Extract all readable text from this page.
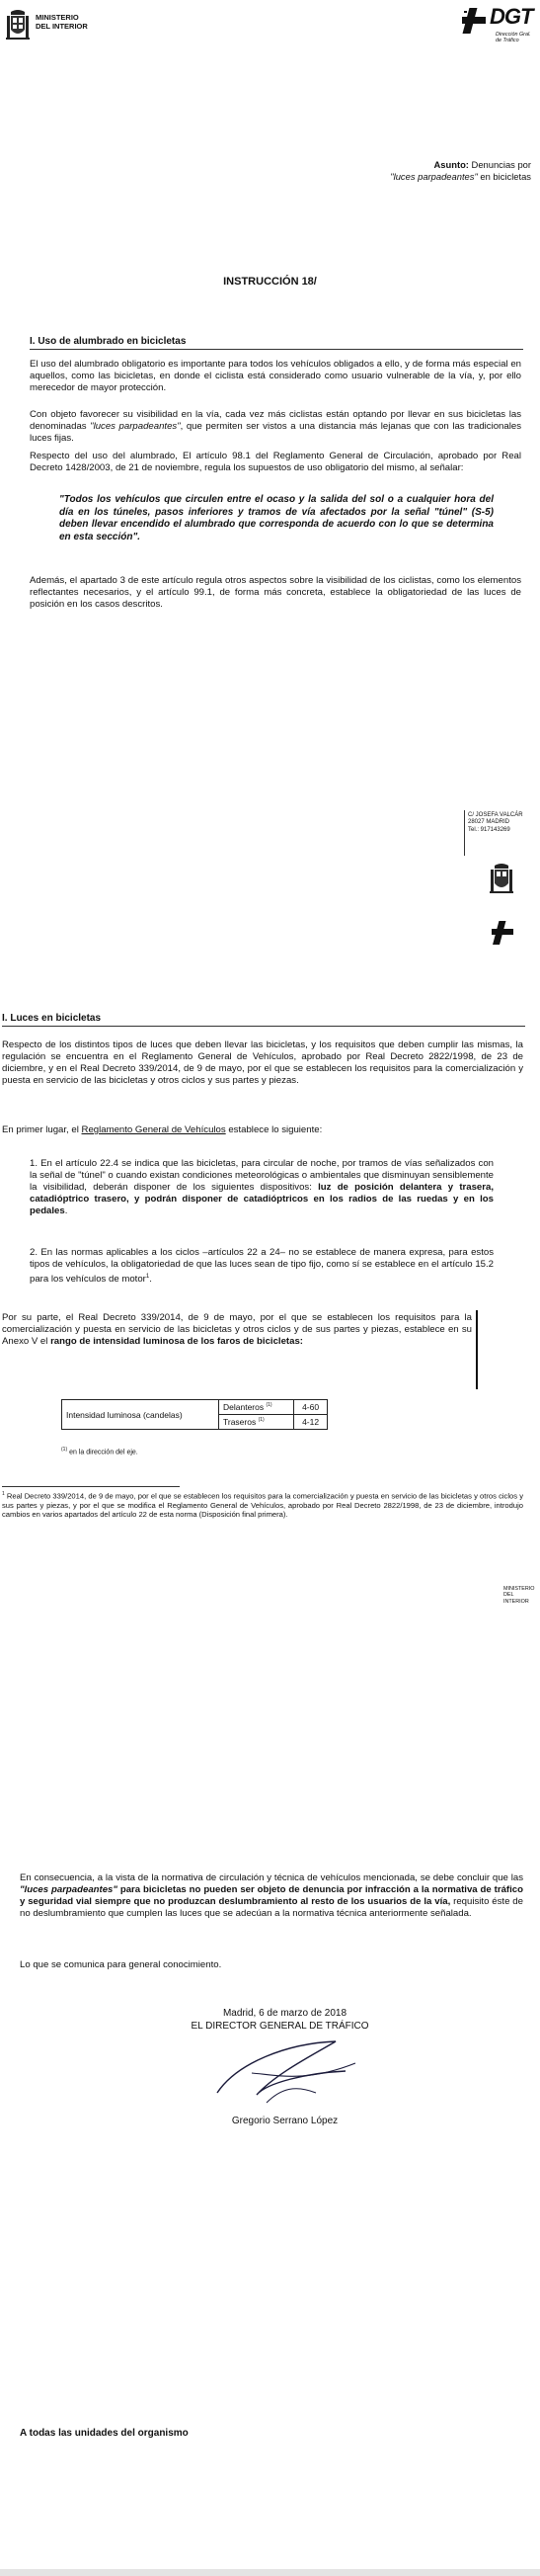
MINISTERIO
DEL INTERIOR	DGT
Dirección Gral.
de Tráfico
Asunto: Denuncias por
"luces parpadeantes" en bicicletas
INSTRUCCIÓN 18/
I. Uso de alumbrado en bicicletas
El uso del alumbrado obligatorio es importante para todos los vehículos obligados a ello, y de forma más especial en aquellos, como las bicicletas, en donde el ciclista está considerado como usuario vulnerable de la vía, y, por ello merecedor de mayor protección.
Con objeto favorecer su visibilidad en la vía, cada vez más ciclistas están optando por llevar en sus bicicletas las denominadas "luces parpadeantes", que permiten ser vistos a una distancia más lejanas que con las tradicionales luces fijas.
Respecto del uso del alumbrado, El artículo 98.1 del Reglamento General de Circulación, aprobado por Real Decreto 1428/2003, de 21 de noviembre, regula los supuestos de uso obligatorio del mismo, al señalar:
"Todos los vehículos que circulen entre el ocaso y la salida del sol o a cualquier hora del día en los túneles, pasos inferiores y tramos de vía afectados por la señal "túnel" (S-5) deben llevar encendido el alumbrado que corresponda de acuerdo con lo que se determina en esta sección".
Además, el apartado 3 de este artículo regula otros aspectos sobre la visibilidad de los ciclistas, como los elementos reflectantes necesarios, y el artículo 99.1, de forma más concreta, establece la obligatoriedad de las luces de posición en los casos descritos.
C/ JOSEFA VALCÁR
28027 MADRID
Tel.: 917143269
I. Luces en bicicletas
Respecto de los distintos tipos de luces que deben llevar las bicicletas, y los requisitos que deben cumplir las mismas, la regulación se encuentra en el Reglamento General de Vehículos, aprobado por Real Decreto 2822/1998, de 23 de diciembre, y en el Real Decreto 339/2014, de 9 de mayo, por el que se establecen los requisitos para la comercialización y puesta en servicio de las bicicletas y otros ciclos y sus partes y piezas.
En primer lugar, el Reglamento General de Vehículos establece lo siguiente:
1. En el artículo 22.4 se indica que las bicicletas, para circular de noche, por tramos de vías señalizados con la señal de "túnel" o cuando existan condiciones meteorológicas o ambientales que disminuyan sensiblemente la visibilidad, deberán disponer de los siguientes dispositivos: luz de posición delantera y trasera, catadióptrico trasero, y podrán disponer de catadióptricos en los radios de las ruedas y en los pedales.
2. En las normas aplicables a los ciclos –artículos 22 a 24– no se establece de manera expresa, para estos tipos de vehículos, la obligatoriedad de que las luces sean de tipo fijo, como sí se establece en el artículo 15.2 para los vehículos de motor$^1$.
Por su parte, el Real Decreto 339/2014, de 9 de mayo, por el que se establecen los requisitos para la comercialización y puesta en servicio de las bicicletas y otros ciclos y de sus partes y piezas, establece en su Anexo V el rango de intensidad luminosa de los faros de bicicletas:
Intensidad luminosa (candelas)	Delanteros $^{(1)}$	4-60
	Traseros $^{(1)}$	4-12
$^{(1)}$ en la dirección del eje.
$^1$ Real Decreto 339/2014, de 9 de mayo, por el que se establecen los requisitos para la comercialización y puesta en servicio de las bicicletas y otros ciclos y sus partes y piezas, y por el que se modifica el Reglamento General de Vehículos, aprobado por Real Decreto 2822/1998, de 23 de diciembre, introdujo cambios en varios apartados del artículo 22 de esta norma (Disposición final primera).
MINISTERIO
DEL INTERIOR
En consecuencia, a la vista de la normativa de circulación y técnica de vehículos mencionada, se debe concluir que las "luces parpadeantes" para bicicletas no pueden ser objeto de denuncia por infracción a la normativa de tráfico y seguridad vial siempre que no produzcan deslumbramiento al resto de los usuarios de la vía, requisito éste de no deslumbramiento que cumplen las luces que se adecúan a la normativa técnica anteriormente señalada.
Lo que se comunica para general conocimiento.
Madrid, 6 de marzo de 2018
EL DIRECTOR GENERAL DE TRÁFICO
Gregorio Serrano López
A todas las unidades del organismo
